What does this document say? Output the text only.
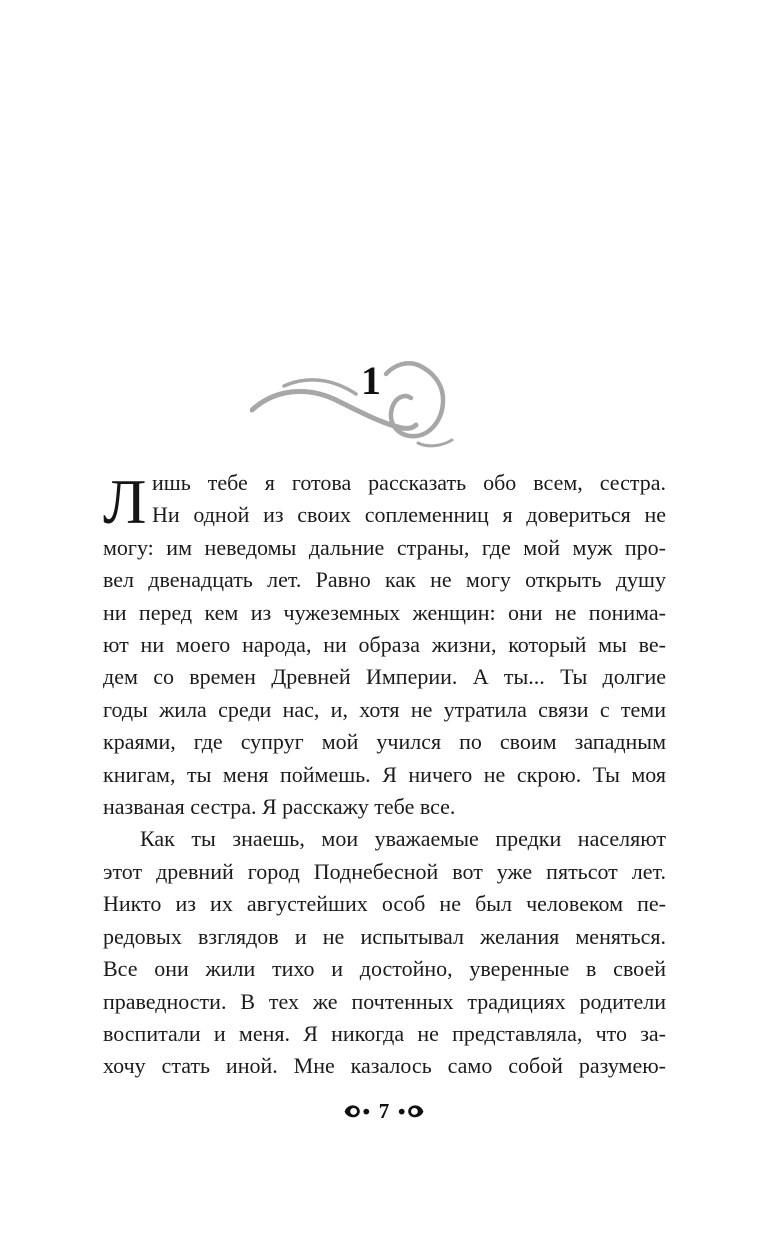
1
Л ишь тебе я готова рассказать обо всем, сестра.
Ни одной из своих соплеменниц я довериться не
могу: им неведомы дальние страны, где мой муж про-
вел двенадцать лет. Равно как не могу открыть душу
ни перед кем из чужеземных женщин: они не понима-
ют ни моего народа, ни образа жизни, который мы ве-
дем со времен Древней Империи. А ты... Ты долгие
годы жила среди нас, и, хотя не утратила связи с теми
краями, где супруг мой учился по своим западным
книгам, ты меня поймешь. Я ничего не скрою. Ты моя
названая сестра. Я расскажу тебе все.
Как ты знаешь, мои уважаемые предки населяют
этот древний город Поднебесной вот уже пятьсот лет.
Никто из их августейших особ не был человеком пе-
редовых взглядов и не испытывал желания меняться.
Все они жили тихо и достойно, уверенные в своей
праведности. В тех же почтенных традициях родители
воспитали и меня. Я никогда не представляла, что за-
хочу стать иной. Мне казалось само собой разумею-
7
